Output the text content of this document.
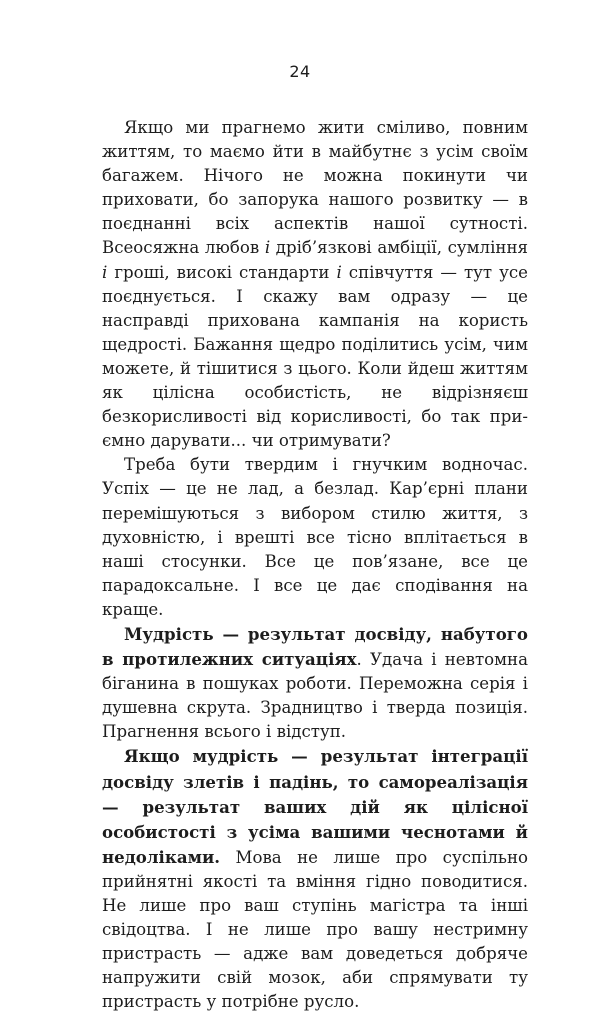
24

Якщо ми прагнемо жити сміливо, повним життям, то маємо йти в майбутнє з усім своїм багажем. Нічого не можна покинути чи приховати, бо запорука нашого розвитку — в поєднанні всіх аспектів нашої сутності. Всеосяжна любов і дріб’язкові амбіції, сумління і гроші, високі стандарти і співчуття — тут усе поєднується. І скажу вам одразу — це насправді прихована кампанія на користь щедрості. Бажання щедро поділитись усім, чим можете, й тішитися з цього. Коли йдеш життям як цілісна особистість, не відрізняєш безкорисливості від корисливості, бо так приємно дарувати... чи отримувати?

Треба бути твердим і гнучким водночас. Успіх — це не лад, а безлад. Кар’єрні плани перемішуються з вибором стилю життя, з духовністю, і врешті все тісно вплітається в наші стосунки. Все це пов’язане, все це парадоксальне. І все це дає сподівання на краще.

Мудрість — результат досвіду, набутого в протилежних ситуаціях. Удача і невтомна біганина в пошуках роботи. Переможна серія і душевна скрута. Зрадництво і тверда позиція. Прагнення всього і відступ.

Якщо мудрість — результат інтеграції досвіду злетів і падінь, то самореалізація — результат ваших дій як цілісної особистості з усіма вашими чеснотами й недоліками. Мова не лише про суспільно прийнятні якості та вміння гідно поводитися. Не лише про ваш ступінь магістра та інші свідоцтва. І не лише про вашу нестримну пристрасть — адже вам доведеться добряче напружити свій мозок, аби спрямувати ту пристрасть у потрібне русло.
